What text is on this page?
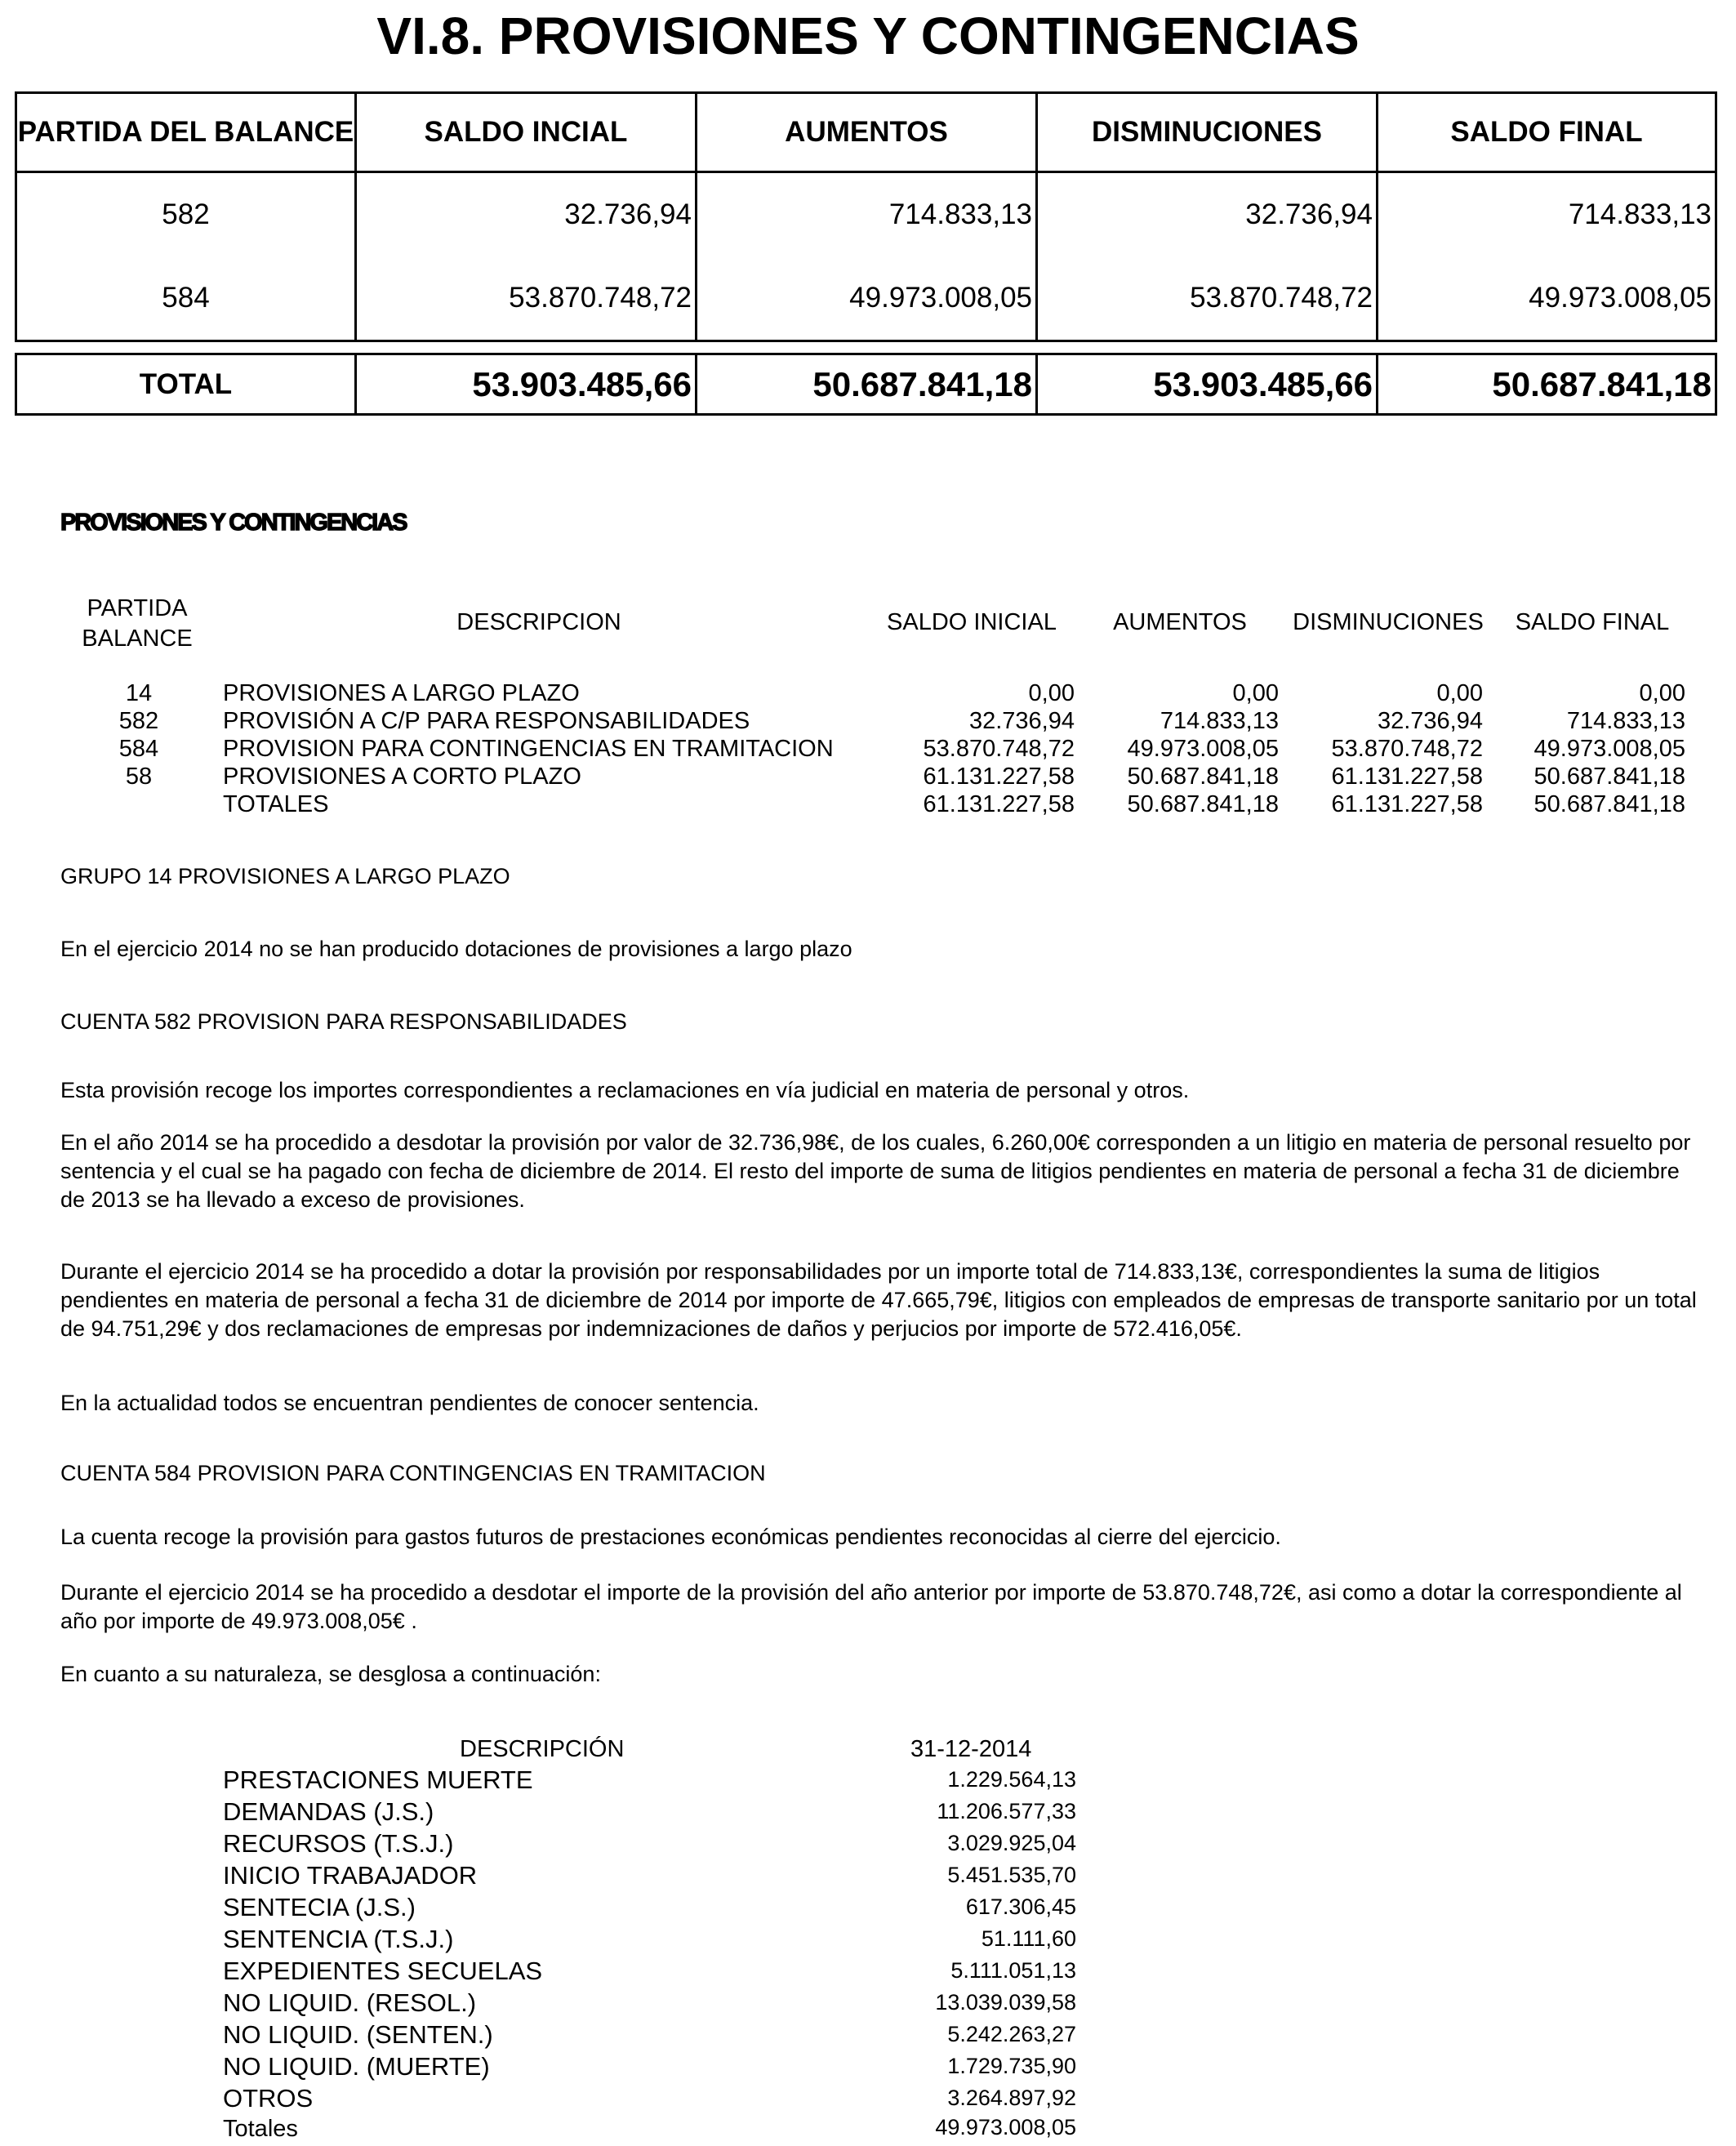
VI.8. PROVISIONES Y CONTINGENCIAS
PARTIDA DEL BALANCE	SALDO INCIAL	AUMENTOS	DISMINUCIONES	SALDO FINAL
582	32.736,94	714.833,13	32.736,94	714.833,13
584	53.870.748,72	49.973.008,05	53.870.748,72	49.973.008,05
TOTAL	53.903.485,66	50.687.841,18	53.903.485,66	50.687.841,18
PROVISIONES Y CONTINGENCIAS
PARTIDA
BALANCE
DESCRIPCION	SALDO INICIAL	AUMENTOS	DISMINUCIONES	SALDO FINAL
14	PROVISIONES A LARGO PLAZO	0,00	0,00	0,00	0,00
582	PROVISIÓN A C/P PARA RESPONSABILIDADES	32.736,94	714.833,13	32.736,94	714.833,13
584	PROVISION PARA CONTINGENCIAS EN TRAMITACION	53.870.748,72	49.973.008,05	53.870.748,72	49.973.008,05
58	PROVISIONES A CORTO PLAZO	61.131.227,58	50.687.841,18	61.131.227,58	50.687.841,18
TOTALES	61.131.227,58	50.687.841,18	61.131.227,58	50.687.841,18
GRUPO 14 PROVISIONES A LARGO PLAZO
En el ejercicio 2014 no se han producido dotaciones de provisiones a largo plazo
CUENTA 582 PROVISION PARA RESPONSABILIDADES
Esta provisión recoge los importes correspondientes a reclamaciones en vía judicial en materia de personal y otros.
En el año 2014 se ha procedido a desdotar la provisión por valor de 32.736,98€, de los cuales, 6.260,00€ corresponden a un litigio en materia de personal resuelto por sentencia y el cual se ha pagado con fecha de diciembre de 2014. El resto del importe de suma de litigios pendientes en materia de personal a fecha 31 de diciembre de 2013 se ha llevado a exceso de provisiones.
Durante el ejercicio 2014 se ha procedido a dotar la provisión por responsabilidades por un importe total de 714.833,13€, correspondientes la suma de litigios pendientes en materia de personal a fecha 31 de diciembre de 2014 por importe de 47.665,79€, litigios con empleados de empresas de transporte sanitario por un total de 94.751,29€ y dos reclamaciones de empresas por indemnizaciones de daños y perjucios por importe de 572.416,05€.
En la actualidad todos se encuentran pendientes de conocer sentencia.
CUENTA 584 PROVISION PARA CONTINGENCIAS EN TRAMITACION
La cuenta recoge la provisión para gastos futuros de prestaciones económicas pendientes reconocidas al cierre del ejercicio.
Durante el ejercicio 2014 se ha procedido a desdotar el importe de la provisión del año anterior por importe de 53.870.748,72€, asi como a dotar la correspondiente al año por importe de 49.973.008,05€ .
En cuanto a su naturaleza, se desglosa a continuación:
DESCRIPCIÓN	31-12-2014
PRESTACIONES MUERTE	1.229.564,13
DEMANDAS (J.S.)	11.206.577,33
RECURSOS (T.S.J.)	3.029.925,04
INICIO TRABAJADOR	5.451.535,70
SENTECIA (J.S.)	617.306,45
SENTENCIA (T.S.J.)	51.111,60
EXPEDIENTES SECUELAS	5.111.051,13
NO LIQUID. (RESOL.)	13.039.039,58
NO LIQUID. (SENTEN.)	5.242.263,27
NO LIQUID. (MUERTE)	1.729.735,90
OTROS	3.264.897,92
Totales	49.973.008,05
